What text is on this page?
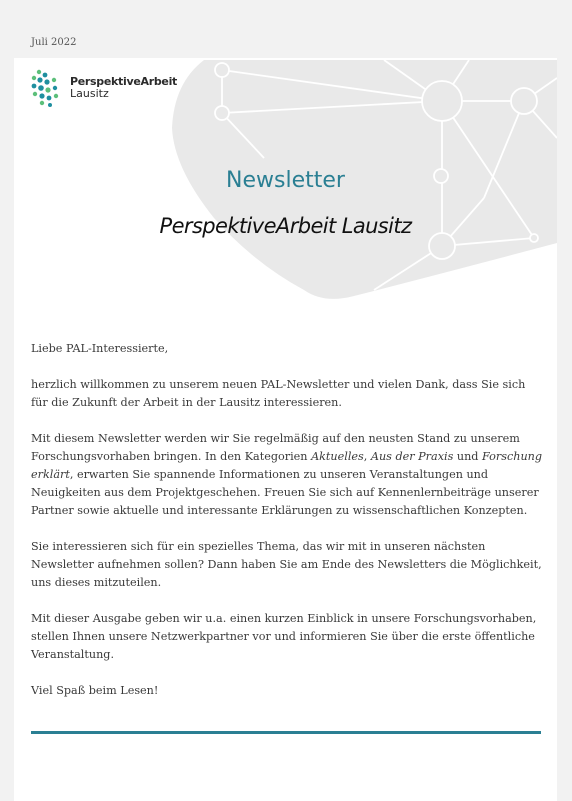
Juli 2022
PerspektiveArbeit
Lausitz
Newsletter
PerspektiveArbeit Lausitz

Liebe PAL-Interessierte,

herzlich willkommen zu unserem neuen PAL-Newsletter und vielen Dank, dass Sie sich für die Zukunft der Arbeit in der Lausitz interessieren.

Mit diesem Newsletter werden wir Sie regelmäßig auf den neusten Stand zu unserem Forschungsvorhaben bringen. In den Kategorien Aktuelles, Aus der Praxis und Forschung erklärt, erwarten Sie spannende Informationen zu unseren Veranstaltungen und Neuigkeiten aus dem Projektgeschehen. Freuen Sie sich auf Kennenlernbeiträge unserer Partner sowie aktuelle und interessante Erklärungen zu wissenschaftlichen Konzepten.

Sie interessieren sich für ein spezielles Thema, das wir mit in unseren nächsten Newsletter aufnehmen sollen? Dann haben Sie am Ende des Newsletters die Möglichkeit, uns dieses mitzuteilen.

Mit dieser Ausgabe geben wir u.a. einen kurzen Einblick in unsere Forschungsvorhaben, stellen Ihnen unsere Netzwerkpartner vor und informieren Sie über die erste öffentliche Veranstaltung.

Viel Spaß beim Lesen!
